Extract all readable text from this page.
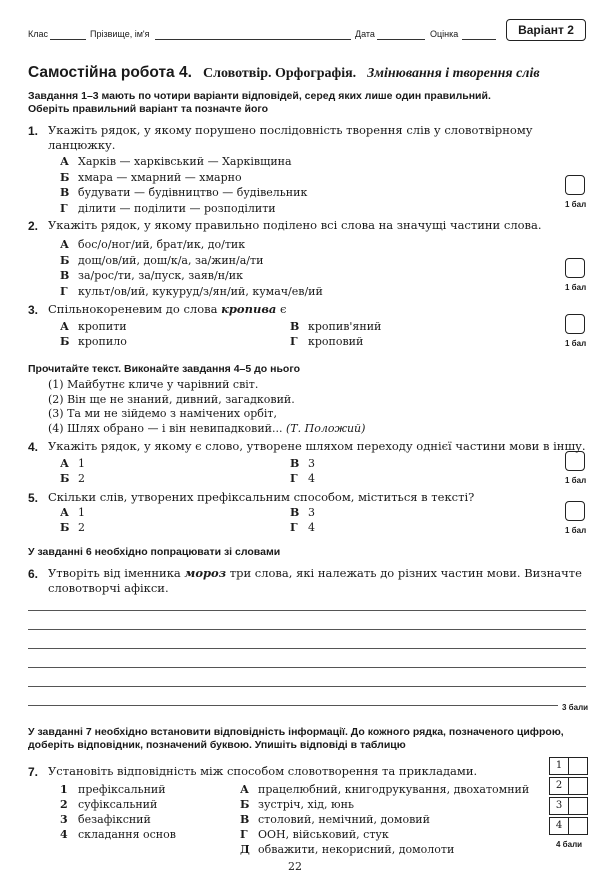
Клас	Прізвище, ім'я	Дата	Оцінка	Варіант 2
Самостійна робота 4. Словотвір. Орфографія. Змінювання і творення слів
Завдання 1–3 мають по чотири варіанти відповідей, серед яких лише один правильний.
Оберіть правильний варіант та позначте його
1. Укажіть рядок, у якому порушено послідовність творення слів у словотвірному
ланцюжку.
А Харків — харківський — Харківщина
Б хмара — хмарний — хмарно
В будувати — будівництво — будівельник
Г ділити — поділити — розподілити	1 бал
2. Укажіть рядок, у якому правильно поділено всі слова на значущі частини слова.
А бос/о/ног/ий, брат/ик, до/тик
Б дощ/ов/ий, дош/к/а, за/жин/а/ти
В за/рос/ти, за/пуск, заяв/н/ик
Г культ/ов/ий, кукуруд/з/ян/ий, кумач/ев/ий	1 бал
3. Спільнокореневим до слова кропива є
А кропити	В кропив'яний
Б кропило	Г кроповий	1 бал
Прочитайте текст. Виконайте завдання 4–5 до нього
(1) Майбутнє кличе у чарівний світ.
(2) Він ще не знаний, дивний, загадковий.
(3) Та ми не зійдемо з намічених орбіт,
(4) Шлях обрано — і він невипадковий... (Т. Положий)
4. Укажіть рядок, у якому є слово, утворене шляхом переходу однієї частини мови в іншу.
А 1	В 3
Б 2	Г 4	1 бал
5. Скільки слів, утворених префіксальним способом, міститься в тексті?
А 1	В 3
Б 2	Г 4	1 бал
У завданні 6 необхідно попрацювати зі словами
6. Утворіть від іменника мороз три слова, які належать до різних частин мови. Визначте
словотворчі афікси.
3 бали
У завданні 7 необхідно встановити відповідність інформації. До кожного рядка, позначеного цифрою,
доберіть відповідник, позначений буквою. Упишіть відповіді в таблицю
7. Установіть відповідність між способом словотворення та прикладами.
1 префіксальний
2 суфіксальний
3 безафіксний
4 складання основ
А працелюбний, книгодрукування, двохатомний
Б зустріч, хід, юнь
В столовий, немічний, домовий
Г ООН, військовий, стук
Д обважити, некорисний, домолоти
1
2
3
4
4 бали
22
